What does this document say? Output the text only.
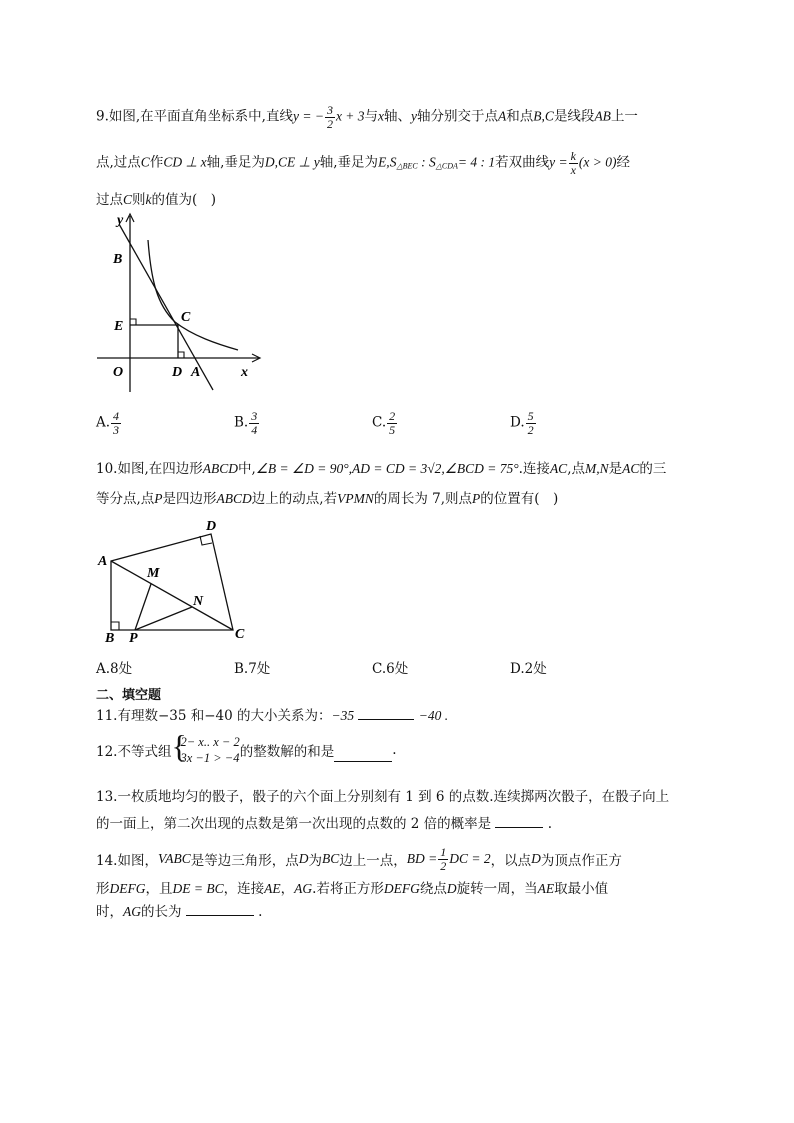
9.如图,在平面直角坐标系中,直线y = − $\frac{3}{2}$ x + 3与x轴、y轴分别交于点A和点B,C是线段AB上一
点,过点C作CD ⊥ x轴,垂足为D,CE ⊥ y轴,垂足为$E,S_{\triangle BEC}$ : $S_{\triangle CDA}= 4$ : 1若双曲线$y = \frac{k}{x} (x > 0)$经
过点C则k的值为(　)
y
B
E
C
O	D A	x
A. $\frac{4}{3}$	B. $\frac{3}{4}$	C. $\frac{2}{5}$	D. $\frac{5}{2}$
10.如图,在四边形ABCD中,∠B = ∠D = 90°,AD = CD = 3√2,∠BCD = 75°.连接AC,点M,N是AC的三
等分点,点P是四边形ABCD边上的动点,若VPMN的周长为 7,则点P的位置有(　)
A
B P	C
D
M
N
A.8处	B.7处	C.6处	D.2处
二、填空题
11.有理数−35 和−40 的大小关系为：−35	−40 .
12.不等式组 {
2− x.. x − 2
3x −1 > −4 的整数解的和是	.
13.一枚质地均匀的骰子，骰子的六个面上分别刻有 1 到 6 的点数.连续掷两次骰子，在骰子向上
的一面上，第二次出现的点数是第一次出现的点数的 2 倍的概率是	.
14.如图， VABC 是等边三角形，点 D 为 BC 边上一点， BD = $\frac{1}{2}$ DC = 2 ，以点 D 为顶点作正方
形DEFG，且DE = BC，连接AE，AG.若将正方形DEFG绕点D旋转一周，当AE取最小值
时，AG的长为	.
